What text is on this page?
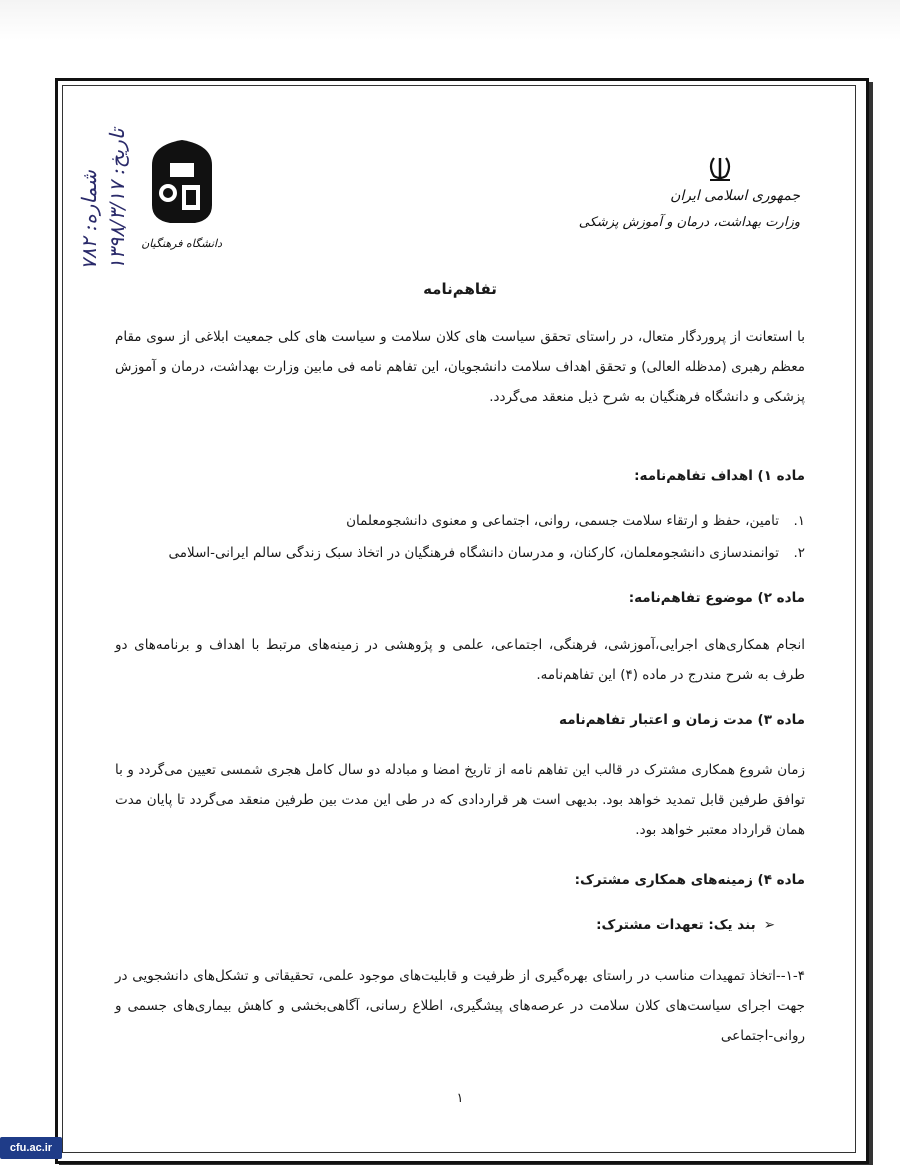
جمهوری اسلامی ایران
وزارت بهداشت، درمان و آموزش پزشکی
دانشگاه فرهنگیان
شماره: ۷۸۲ تاریخ: ۱۳۹۸/۳/۱۷
تفاهم‌نامه
با استعانت از پروردگار متعال، در راستای تحقق سیاست های کلان سلامت و سیاست های کلی جمعیت ابلاغی از سوی مقام معظم رهبری (مدظله العالی) و تحقق اهداف سلامت دانشجویان، این تفاهم نامه فی مابین وزارت بهداشت، درمان و آموزش پزشکی و دانشگاه فرهنگیان به شرح ذیل منعقد می‌گردد.
ماده ۱) اهداف تفاهم‌نامه:
۱.تامین، حفظ و ارتقاء سلامت جسمی، روانی، اجتماعی و معنوی دانشجومعلمان
۲.توانمندسازی دانشجومعلمان، کارکنان، و مدرسان دانشگاه فرهنگیان در اتخاذ سبک زندگی سالم ایرانی-اسلامی
ماده ۲) موضوع تفاهم‌نامه:
انجام همکاری‌های اجرایی،آموزشی، فرهنگی، اجتماعی، علمی و پژوهشی در زمینه‌های مرتبط با اهداف و برنامه‌های دو طرف به شرح مندرج در ماده (۴) این تفاهم‌نامه.
ماده ۳) مدت زمان و اعتبار تفاهم‌نامه
زمان شروع همکاری مشترک در قالب این تفاهم نامه از تاریخ امضا و مبادله دو سال کامل هجری شمسی تعیین می‌گردد و با توافق طرفین قابل تمدید خواهد بود. بدیهی است هر قراردادی که در طی این مدت بین طرفین منعقد می‌گردد تا پایان مدت همان قرارداد معتبر خواهد بود.
ماده ۴) زمینه‌های همکاری مشترک:
➢بند یک: تعهدات مشترک:
۱-۴--اتخاذ تمهیدات مناسب در راستای بهره‌گیری از ظرفیت و قابلیت‌های موجود علمی، تحقیقاتی و تشکل‌های دانشجویی در جهت اجرای سیاست‌های کلان سلامت در عرصه‌های پیشگیری، اطلاع رسانی، آگاهی‌بخشی و کاهش بیماری‌های جسمی و روانی-اجتماعی
۱
cfu.ac.ir
